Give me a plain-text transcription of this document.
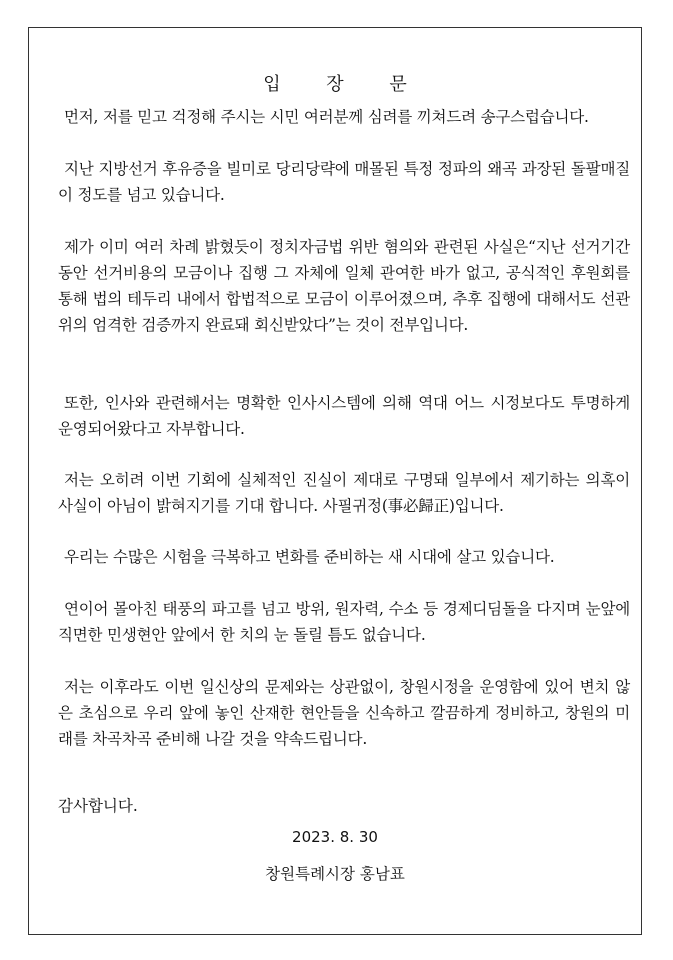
입 장 문

먼저, 저를 믿고 걱정해 주시는 시민 여러분께 심려를 끼쳐드려 송구스럽습니다.

지난 지방선거 후유증을 빌미로 당리당략에 매몰된 특정 정파의 왜곡 과장된 돌팔매질이 정도를 넘고 있습니다.

제가 이미 여러 차례 밝혔듯이 정치자금법 위반 혐의와 관련된 사실은“지난 선거기간 동안 선거비용의 모금이나 집행 그 자체에 일체 관여한 바가 없고, 공식적인 후원회를 통해 법의 테두리 내에서 합법적으로 모금이 이루어졌으며, 추후 집행에 대해서도 선관위의 엄격한 검증까지 완료돼 회신받았다”는 것이 전부입니다.

또한, 인사와 관련해서는 명확한 인사시스템에 의해 역대 어느 시정보다도 투명하게 운영되어왔다고 자부합니다.

저는 오히려 이번 기회에 실체적인 진실이 제대로 구명돼 일부에서 제기하는 의혹이 사실이 아님이 밝혀지기를 기대 합니다. 사필귀정(事必歸正)입니다.

우리는 수많은 시험을 극복하고 변화를 준비하는 새 시대에 살고 있습니다.

연이어 몰아친 태풍의 파고를 넘고 방위, 원자력, 수소 등 경제디딤돌을 다지며 눈앞에 직면한 민생현안 앞에서 한 치의 눈 돌릴 틈도 없습니다.

저는 이후라도 이번 일신상의 문제와는 상관없이, 창원시정을 운영함에 있어 변치 않은 초심으로 우리 앞에 놓인 산재한 현안들을 신속하고 깔끔하게 정비하고, 창원의 미래를 차곡차곡 준비해 나갈 것을 약속드립니다.

감사합니다.
2023. 8. 30
창원특례시장 홍남표
